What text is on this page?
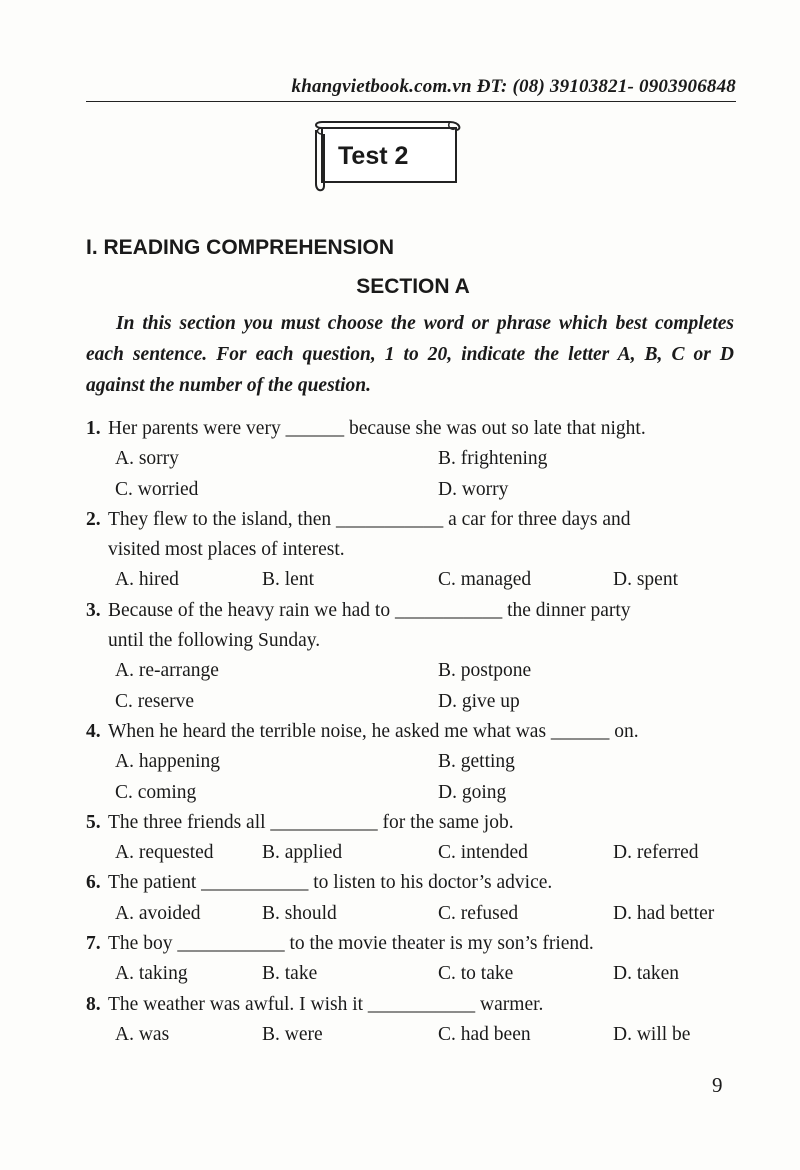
khangvietbook.com.vn ĐT: (08) 39103821- 0903906848
Test 2
I. READING COMPREHENSION
SECTION A
In this section you must choose the word or phrase which best completes each sentence. For each question, 1 to 20, indicate the letter A, B, C or D against the number of the question.
1. Her parents were very ______ because she was out so late that night.
A. sorry	B. frightening
C. worried	D. worry
2. They flew to the island, then ___________ a car for three days and
visited most places of interest.
A. hired	B. lent	C. managed	D. spent
3. Because of the heavy rain we had to ___________ the dinner party
until the following Sunday.
A. re-arrange	B. postpone
C. reserve	D. give up
4. When he heard the terrible noise, he asked me what was ______ on.
A. happening	B. getting
C. coming	D. going
5. The three friends all ___________ for the same job.
A. requested B. applied	C. intended	D. referred
6. The patient ___________ to listen to his doctor’s advice.
A. avoided	B. should	C. refused	D. had better
7. The boy ___________ to the movie theater is my son’s friend.
A. taking	B. take	C. to take	D. taken
8. The weather was awful. I wish it ___________ warmer.
A. was	B. were	C. had been	D. will be
9
